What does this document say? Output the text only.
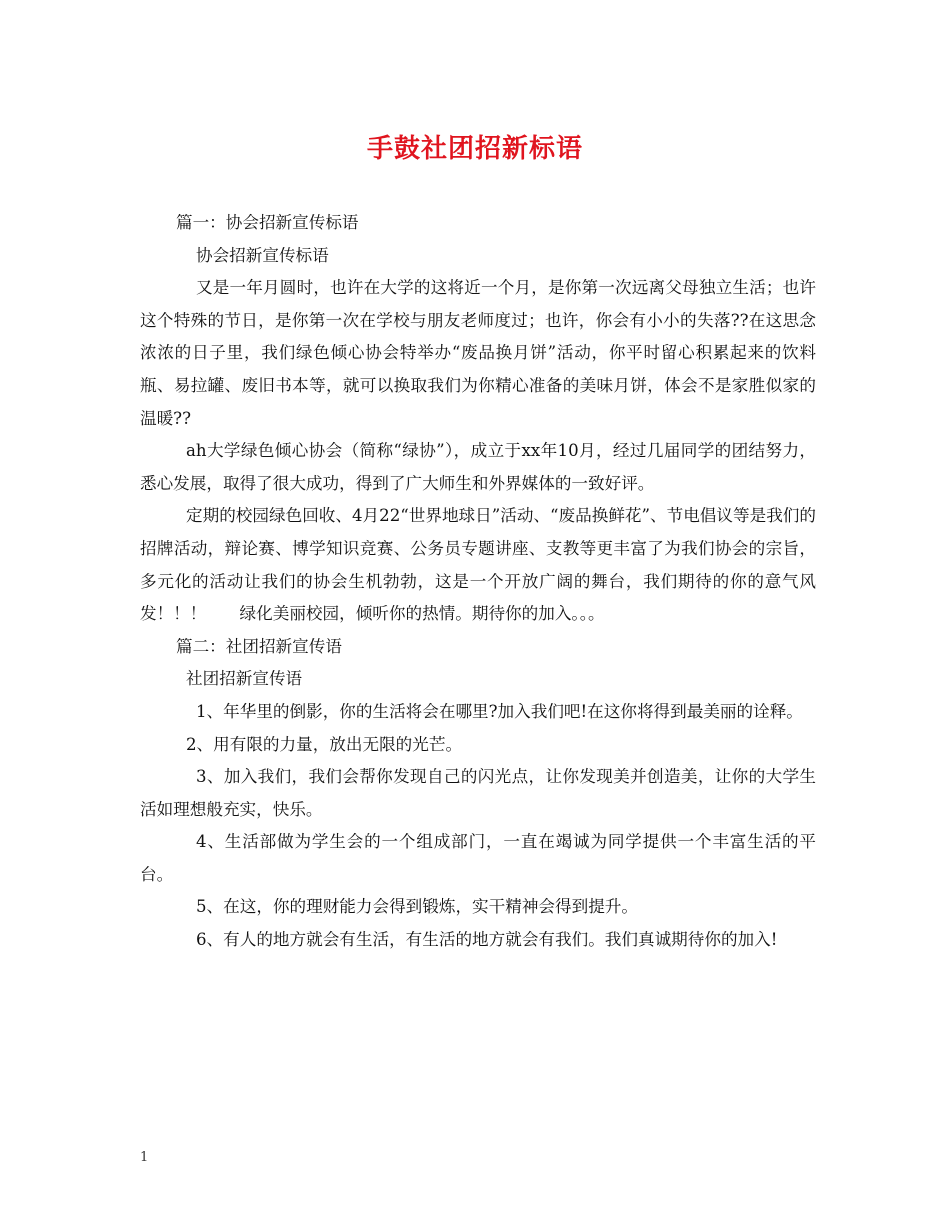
手鼓社团招新标语

篇一：协会招新宣传标语

协会招新宣传标语

又是一年月圆时，也许在大学的这将近一个月，是你第一次远离父母独立生活；也许这个特殊的节日，是你第一次在学校与朋友老师度过；也许，你会有小小的失落??在这思念浓浓的日子里，我们绿色倾心协会特举办“废品换月饼”活动，你平时留心积累起来的饮料瓶、易拉罐、废旧书本等，就可以换取我们为你精心准备的美味月饼，体会不是家胜似家的温暖??

ah大学绿色倾心协会（简称“绿协”），成立于xx年10月，经过几届同学的团结努力，悉心发展，取得了很大成功，得到了广大师生和外界媒体的一致好评。

定期的校园绿色回收、4月22“世界地球日”活动、“废品换鲜花”、节电倡议等是我们的招牌活动，辩论赛、博学知识竞赛、公务员专题讲座、支教等更丰富了为我们协会的宗旨，多元化的活动让我们的协会生机勃勃，这是一个开放广阔的舞台，我们期待的你的意气风发！！！　　绿化美丽校园，倾听你的热情。期待你的加入。。。

篇二：社团招新宣传语

社团招新宣传语

1、年华里的倒影，你的生活将会在哪里?加入我们吧!在这你将得到最美丽的诠释。

2、用有限的力量，放出无限的光芒。

3、加入我们，我们会帮你发现自己的闪光点，让你发现美并创造美，让你的大学生活如理想般充实，快乐。

4、生活部做为学生会的一个组成部门，一直在竭诚为同学提供一个丰富生活的平台。

5、在这，你的理财能力会得到锻炼，实干精神会得到提升。

6、有人的地方就会有生活，有生活的地方就会有我们。我们真诚期待你的加入!

1
